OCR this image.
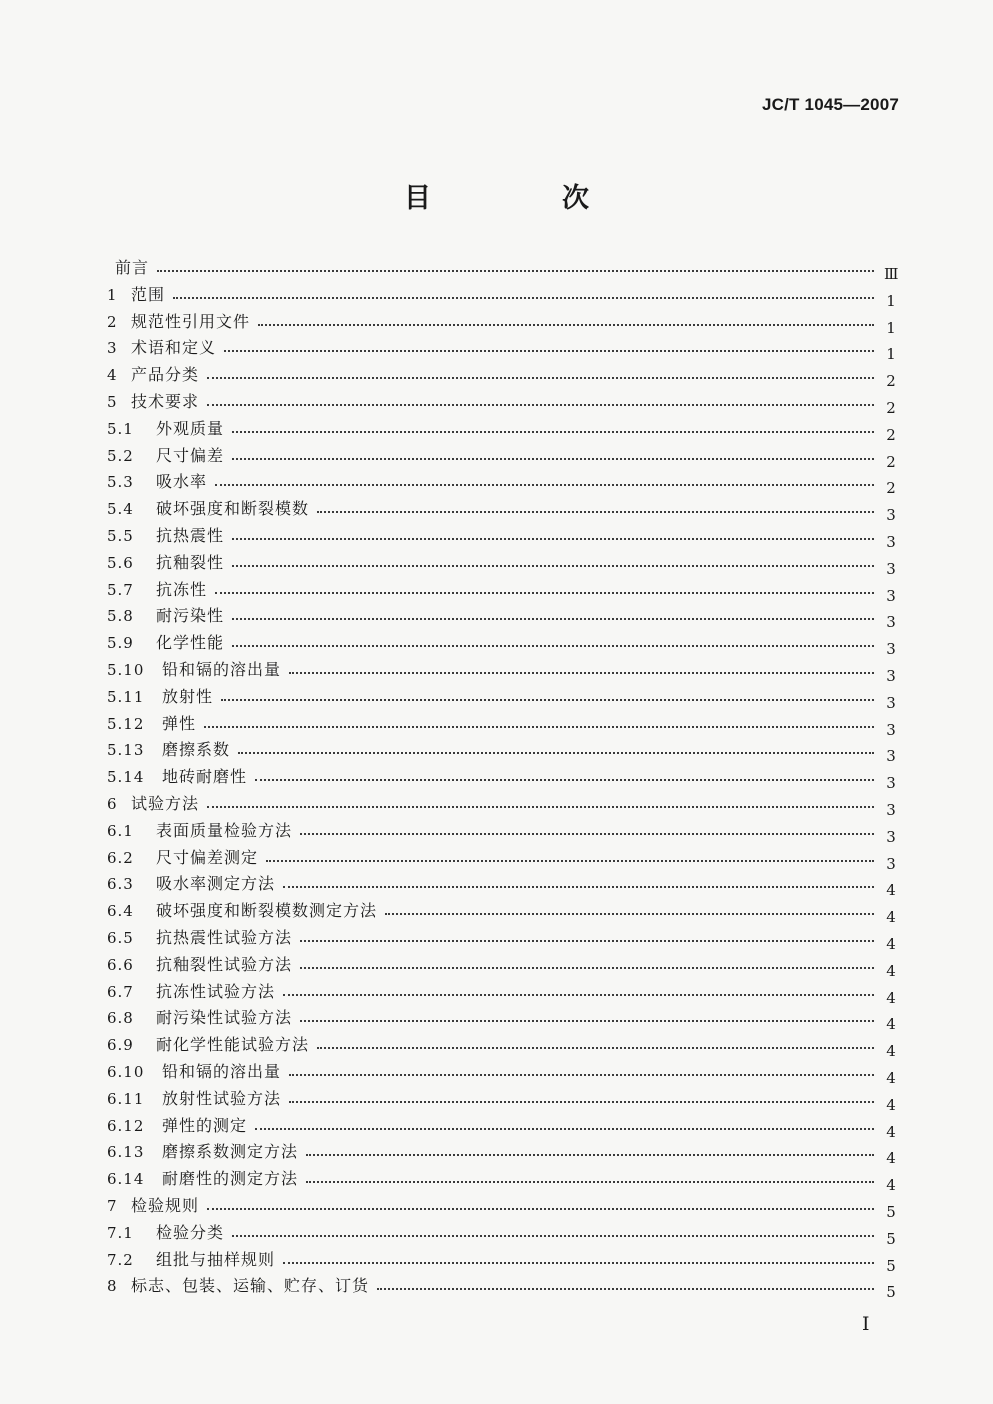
JC/T 1045—2007
目　次
前言	Ⅲ
1 范围	1
2 规范性引用文件	1
3 术语和定义	1
4 产品分类	2
5 技术要求	2
5.1 外观质量	2
5.2 尺寸偏差	2
5.3 吸水率	2
5.4 破坏强度和断裂模数	3
5.5 抗热震性	3
5.6 抗釉裂性	3
5.7 抗冻性	3
5.8 耐污染性	3
5.9 化学性能	3
5.10 铅和镉的溶出量	3
5.11 放射性	3
5.12 弹性	3
5.13 磨擦系数	3
5.14 地砖耐磨性	3
6 试验方法	3
6.1 表面质量检验方法	3
6.2 尺寸偏差测定	3
6.3 吸水率测定方法	4
6.4 破坏强度和断裂模数测定方法	4
6.5 抗热震性试验方法	4
6.6 抗釉裂性试验方法	4
6.7 抗冻性试验方法	4
6.8 耐污染性试验方法	4
6.9 耐化学性能试验方法	4
6.10 铅和镉的溶出量	4
6.11 放射性试验方法	4
6.12 弹性的测定	4
6.13 磨擦系数测定方法	4
6.14 耐磨性的测定方法	4
7 检验规则	5
7.1 检验分类	5
7.2 组批与抽样规则	5
8 标志、包装、运输、贮存、订货	5
I
